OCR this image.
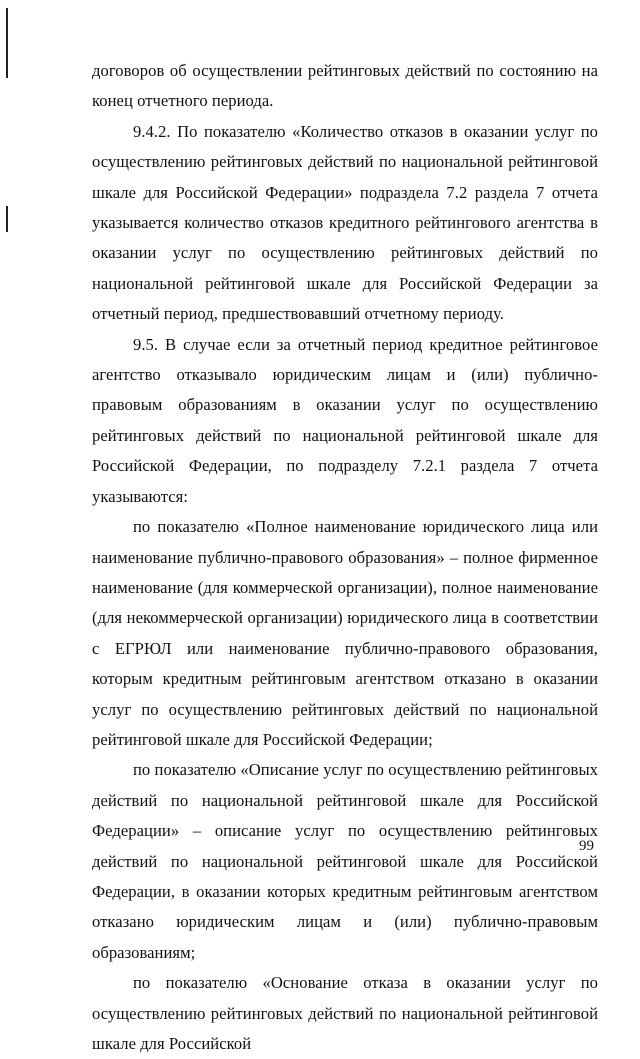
договоров об осуществлении рейтинговых действий по состоянию на конец отчетного периода.

9.4.2. По показателю «Количество отказов в оказании услуг по осуществлению рейтинговых действий по национальной рейтинговой шкале для Российской Федерации» подраздела 7.2 раздела 7 отчета указывается количество отказов кредитного рейтингового агентства в оказании услуг по осуществлению рейтинговых действий по национальной рейтинговой шкале для Российской Федерации за отчетный период, предшествовавший отчетному периоду.

9.5. В случае если за отчетный период кредитное рейтинговое агентство отказывало юридическим лицам и (или) публично-правовым образованиям в оказании услуг по осуществлению рейтинговых действий по национальной рейтинговой шкале для Российской Федерации, по подразделу 7.2.1 раздела 7 отчета указываются:

по показателю «Полное наименование юридического лица или наименование публично-правового образования» – полное фирменное наименование (для коммерческой организации), полное наименование (для некоммерческой организации) юридического лица в соответствии с ЕГРЮЛ или наименование публично-правового образования, которым кредитным рейтинговым агентством отказано в оказании услуг по осуществлению рейтинговых действий по национальной рейтинговой шкале для Российской Федерации;

по показателю «Описание услуг по осуществлению рейтинговых действий по национальной рейтинговой шкале для Российской Федерации» – описание услуг по осуществлению рейтинговых действий по национальной рейтинговой шкале для Российской Федерации, в оказании которых кредитным рейтинговым агентством отказано юридическим лицам и (или) публично-правовым образованиям;

по показателю «Основание отказа в оказании услуг по осуществлению рейтинговых действий по национальной рейтинговой шкале для Российской

99
